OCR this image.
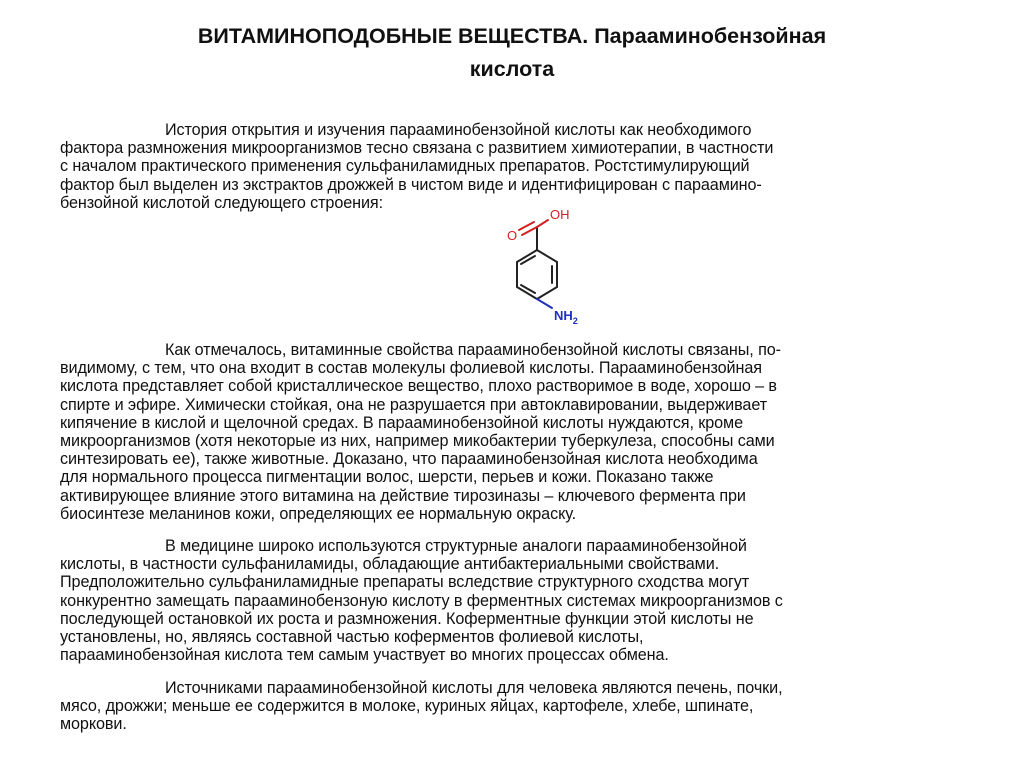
ВИТАМИНОПОДОБНЫЕ ВЕЩЕСТВА. Парааминобензойная
кислота
История открытия и изучения парааминобензойной кислоты как необходимого
фактора размножения микроорганизмов тесно связана с развитием химиотерапии, в частности
с началом практического применения сульфаниламидных препаратов. Ростстимулирующий
фактор был выделен из экстрактов дрожжей в чистом виде и идентифицирован с парааминo-
бензойной кислотой следующего строения:
OH
O
$NH_2$
Как отмечалось, витаминные свойства парааминобензойной кислоты связаны, по-
видимому, с тем, что она входит в состав молекулы фолиевой кислоты. Парааминобензойная
кислота представляет собой кристаллическое вещество, плохо растворимое в воде, хорошо – в
спирте и эфире. Химически стойкая, она не разрушается при автоклавировании, выдерживает
кипячение в кислой и щелочной средах. В парааминобензойной кислоты нуждаются, кроме
микроорганизмов (хотя некоторые из них, например микобактерии туберкулеза, способны сами
синтезировать ее), также животные. Доказано, что парааминобензойная кислота необходима
для нормального процесса пигментации волос, шерсти, перьев и кожи. Показано также
активирующее влияние этого витамина на действие тирозиназы – ключевого фермента при
биосинтезе меланинов кожи, определяющих ее нормальную окраску.
В медицине широко используются структурные аналоги парааминобензойной
кислоты, в частности сульфаниламиды, обладающие антибактериальными свойствами.
Предположительно сульфаниламидные препараты вследствие структурного сходства могут
конкурентно замещать парааминобензоную кислоту в ферментных системах микроорганизмов с
последующей остановкой их роста и размножения. Коферментные функции этой кислоты не
установлены, но, являясь составной частью коферментов фолиевой кислоты,
парааминобензойная кислота тем самым участвует во многих процессах обмена.
Источниками парааминобензойной кислоты для человека являются печень, почки,
мясо, дрожжи; меньше ее содержится в молоке, куриных яйцах, картофеле, хлебе, шпинате,
моркови.
